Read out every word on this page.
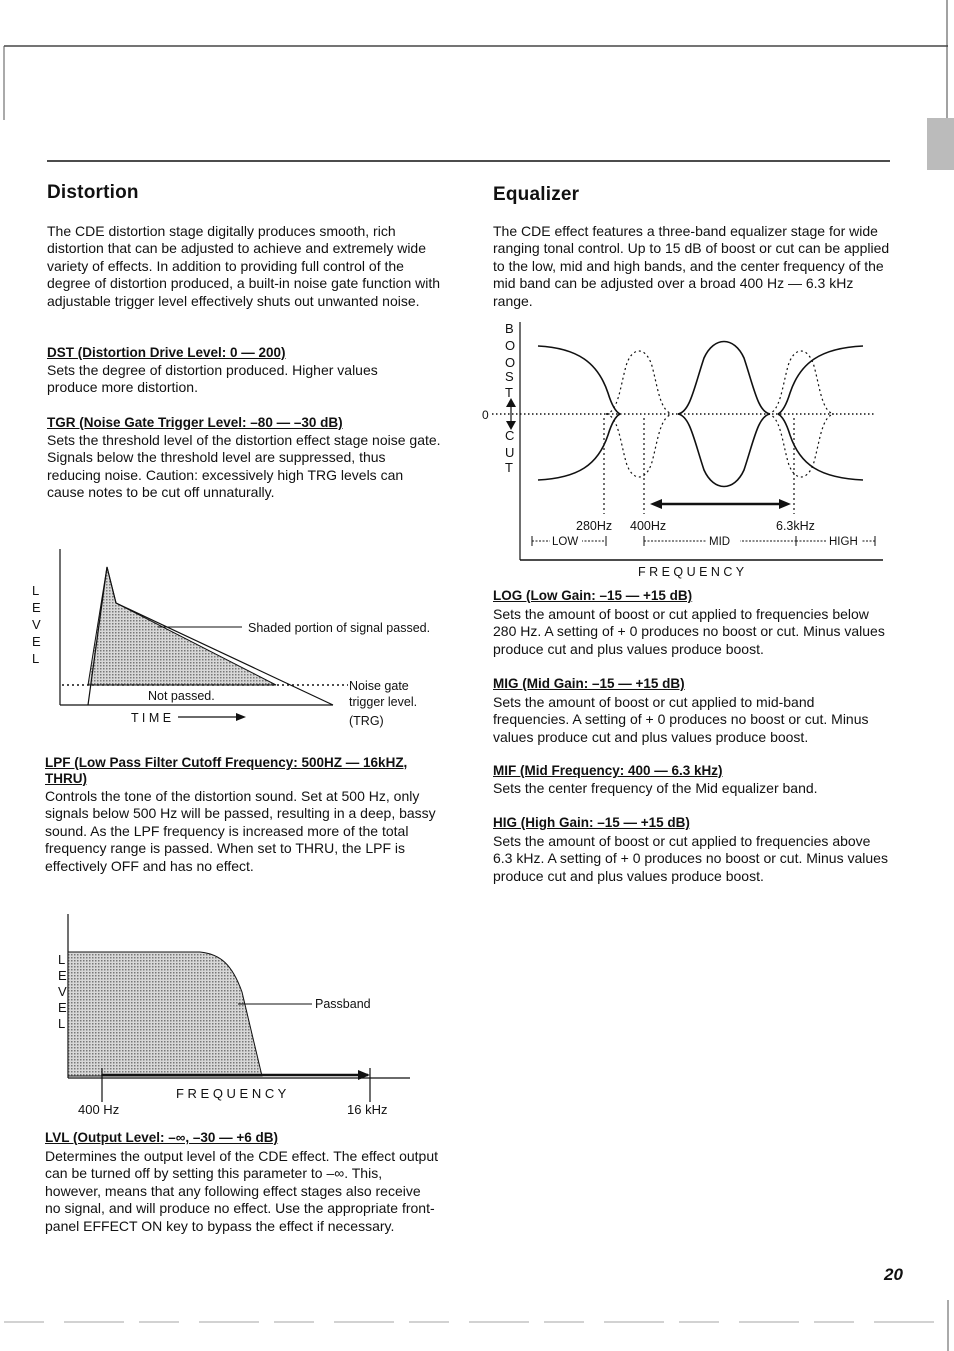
Distortion
The CDE distortion stage digitally produces smooth, rich distortion that can be adjusted to achieve and extremely wide variety of effects. In addition to providing full control of the degree of distortion produced, a built-in noise gate function with adjustable trigger level effectively shuts out unwanted noise.
DST (Distortion Drive Level: 0 — 200)
Sets the degree of distortion produced. Higher values produce more distortion.
TGR (Noise Gate Trigger Level: –80 — –30 dB)
Sets the threshold level of the distortion effect stage noise gate. Signals below the threshold level are suppressed, thus reducing noise. Caution: excessively high TRG levels can cause notes to be cut off unnaturally.
L
E
V
E
L
Shaded portion of signal passed.
Not passed.
T I M E
Noise gate
trigger level.
(TRG)
LPF (Low Pass Filter Cutoff Frequency: 500HZ — 16kHZ, THRU)
Controls the tone of the distortion sound. Set at 500 Hz, only signals below 500 Hz will be passed, resulting in a deep, bassy sound. As the LPF frequency is increased more of the total frequency range is passed. When set to THRU, the LPF is effectively OFF and has no effect.
L
E
V
E
L
Passband
F R E Q U E N C Y
400 Hz	16 kHz
LVL (Output Level: –∞, –30 — +6 dB)
Determines the output level of the CDE effect. The effect output can be turned off by setting this parameter to –∞. This, however, means that any following effect stages also receive no signal, and will produce no effect. Use the appropriate front-panel EFFECT ON key to bypass the effect if necessary.
Equalizer
The CDE effect features a three-band equalizer stage for wide ranging tonal control. Up to 15 dB of boost or cut can be applied to the low, mid and high bands, and the center frequency of the mid band can be adjusted over a broad 400 Hz — 6.3 kHz range.
B
O
O
S
T
C
U
T
0
280Hz 400Hz	6.3kHz
LOW	MID	HIGH
F R E Q U E N C Y
LOG (Low Gain: –15 — +15 dB)
Sets the amount of boost or cut applied to frequencies below 280 Hz. A setting of + 0 produces no boost or cut. Minus values produce cut and plus values produce boost.
MIG (Mid Gain: –15 — +15 dB)
Sets the amount of boost or cut applied to mid-band frequencies. A setting of + 0 produces no boost or cut. Minus values produce cut and plus values produce boost.
MIF (Mid Frequency: 400 — 6.3 kHz)
Sets the center frequency of the Mid equalizer band.
HIG (High Gain: –15 — +15 dB)
Sets the amount of boost or cut applied to frequencies above 6.3 kHz. A setting of + 0 produces no boost or cut. Minus values produce cut and plus values produce boost.
20
